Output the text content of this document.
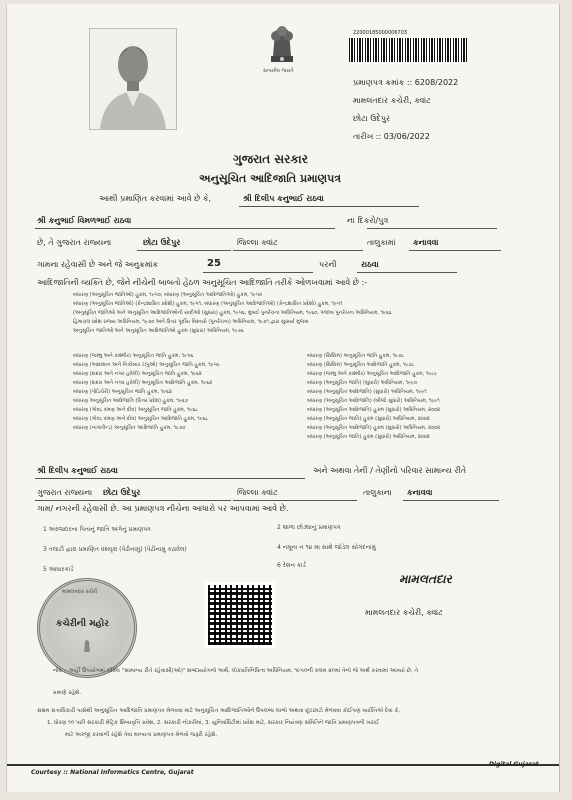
સત્યમેવ જયતે
22000185000006703
પ્રમાણપત્ર ક્રમાંક :: 6208/2022
મામલતદાર કચેરી, ક્વાંટ
છોટા ઉદેપુર
તારીખ :: 03/06/2022
ગુજરાત સરકાર
અનુસૂચિત આદિજાતિ પ્રમાણપત્ર
આથી પ્રમાણિત કરવામાં આવે છે કે,	શ્રી દિલીપ કનુભાઈ રાઠવા
શ્રી કનુભાઈ વિમળભાઈ રાઠવા	ના દિકરો/પુત્ર
છે, તે ગુજરાત રાજ્યના	છોટા ઉદેપુર	જિલ્લા ક્વાંટ	તાલુકામાં કનાવવા
ગામના રહેવાસી છે અને જે અનુક્રમાંક	25	પરની	રાઠવા
આદિજાતિની વ્યક્તિ છે, જેને નીચેની બાબતો હેઠળ અનુસૂચિત આદિજાતિ તરીકે ઓળખવામાં આવે છે :-
બંધારણ (અનુસૂચિત જાતિઓ) હુકમ, ૧૯૫૦, બંધારણ (અનુસૂચિત આદિજાતિઓ) હુકમ, ૧૯૫૦
બંધારણ (અનુસૂચિત જાતિઓ) (કેન્દ્રશાસિત પ્રદેશો) હુકમ, ૧૯૫૧, બંધારણ (અનુસૂચિત આદિજાતિઓ) (કેન્દ્રશાસિત પ્રદેશો) હુકમ, ૧૯૫૧
(અનુસૂચિત જાતિઓ અને અનુસૂચિત આદિજાતિઓની યાદીઓ (સુધારા) હુકમ, ૧૯૫૬, મુંબઈ પુનર્રચના અધિનિયમ, ૧૯૬૦, પંજાબ પુનર્રચના અધિનિયમ, ૧૯૬૬
હિમાચલ પ્રદેશ રાજ્ય અધિનિયમ, ૧૯૭૦ અને ઉત્તર પૂર્વીય વિસ્તારો (પુનર્રચના) અધિનિયમ, ૧૯૭૧ દ્વારા સુધાર્યા મુજબ
અનુસૂચિત જાતિઓ અને અનુસૂચિત આદિજાતિઓ હુકમ (સુધારા) અધિનિયમ, ૧૯૭૬
બંધારણ (જમ્મુ અને કાશ્મીર) અનુસૂચિત જાતિ હુકમ, ૧૯૫૬
બંધારણ (આંદામાન અને નિકોબાર ટાપુઓ) અનુસૂચિત જાતિ હુકમ, ૧૯૫૯
બંધારણ (દાદરા અને નગર હવેલી) અનુસૂચિત જાતિ હુકમ, ૧૯૬૨
બંધારણ (દાદરા અને નગર હવેલી) અનુસૂચિત આદિજાતિ હુકમ, ૧૯૬૨
બંધારણ (પોંડિચેરી) અનુસૂચિત જાતિ હુકમ, ૧૯૬૪
બંધારણ અનુસૂચિત આદિજાતિ (ઉત્તર પ્રદેશ) હુકમ, ૧૯૬૭
બંધારણ (ગોવા, દમણ અને દીવ) અનુસૂચિત જાતિ હુકમ, ૧૯૬૮
બંધારણ (ગોવા, દમણ અને દીવ) અનુસૂચિત આદિજાતિ હુકમ, ૧૯૬૮
બંધારણ (નાગાલેન્ડ) અનુસૂચિત આદિજાતિ હુકમ, ૧૯૭૦
બંધારણ (સિક્કિમ) અનુસૂચિત જાતિ હુકમ, ૧૯૭૮
બંધારણ (સિક્કિમ) અનુસૂચિત આદિજાતિ હુકમ, ૧૯૭૮
બંધારણ (જમ્મુ અને કાશ્મીર) અનુસૂચિત આદિજાતિ હુકમ, ૧૯૮૯
બંધારણ (અનુસૂચિત જાતિ) (સુધારો) અધિનિયમ, ૧૯૯૦
બંધારણ (અનુસૂચિત આદિજાતિ) (સુધારો) અધિનિયમ, ૧૯૯૧
બંધારણ (અનુસૂચિત આદિજાતિ) (બીજો સુધારો) અધિનિયમ, ૧૯૯૧
બંધારણ (અનુસૂચિત આદિજાતિ) હુકમ (સુધારો) અધિનિયમ, ૨૦૦૨
બંધારણ (અનુસૂચિત જાતિ) હુકમ (સુધારો) અધિનિયમ, ૨૦૦૨
બંધારણ (અનુસૂચિત આદિજાતિ) હુકમ (સુધારો) અધિનિયમ, ૨૦૦૨
બંધારણ (અનુસૂચિત જાતિ) હુકમ (સુધારો) અધિનિયમ, ૨૦૦૨
શ્રી દિલીપ કનુભાઈ રાઠવા	અને અથવા તેની / તેણીનો પરિવાર સામાન્ય રીતે
ગુજરાત રાજ્યના છોટા ઉદેપુર	જિલ્લા ક્વાંટ	તાલુકાના કનાવવા
ગામ/ નગરની રહેવાસી છે. આ પ્રમાણપત્ર નીચેના આધારો પર આપવામાં આવે છે.
1 અરજદારના પિતાનું જાતિ અંગેનું પ્રમાણપત્ર	2 શાળા છોડ્યાનું પ્રમાણપત્ર
3 તલાટી દ્વારા પ્રમાણિત વંશવૃક્ષ (પેઢીનામું) (પેઢીનામું કઢાવેલ)	4 નમૂના નં ૧૪ મા સાથે જોડેલ સોગંદનામું
5 આધારકાર્ડ
6 રેશન કાર્ડ
મામલતદાર કચેરી
કચેરીની મહોર
મામલતદાર
મામલતદાર કચેરી, ક્વાંટ
નોંધ :- અહીં ઉપયોગમાં લીધેલ "સામાન્ય રીતે રહેવાસી(ઓ)" શબ્દપ્રયોગનો અર્થ, લોકપ્રતિનિધિત્વ અધિનિયમ, ૧૯૫૦ની કલમ ૨૦માં તેનો જે અર્થ કરવામાં આવ્યો છે, તે
પ્રમાણે રહેશે.
સક્ષમ સત્તાધિકારી પાસેથી અનુસૂચિત આદિજાતિ પ્રમાણપત્ર મેળવવા માટે અનુસૂચિત આદિજાતિઓને ઉપલબ્ધ લાભો અથવા છૂટછાટો મેળવવા કોઈપણ વ્યક્તિએ દેવા કે,
1. ધોરણ ૧૦ પછી સરકારી મેટ્રિક શિષ્યવૃત્તિ પ્રવેશ, 2. સરકારી નોકરીમાં, 3. યુનિવર્સિટીમાં પ્રવેશ માટે, સરકાર નિયંત્રણ સમિતિને જાતિ પ્રમાણપત્રની ખરાઈ
માટે અરજી કરવાની રહેશે તેવા માન્યતા પ્રમાણપત્ર મેળવો જરૂરી રહેશે.
Courtesy :: National Informatics Centre, Gujarat
Digital Gujarat
